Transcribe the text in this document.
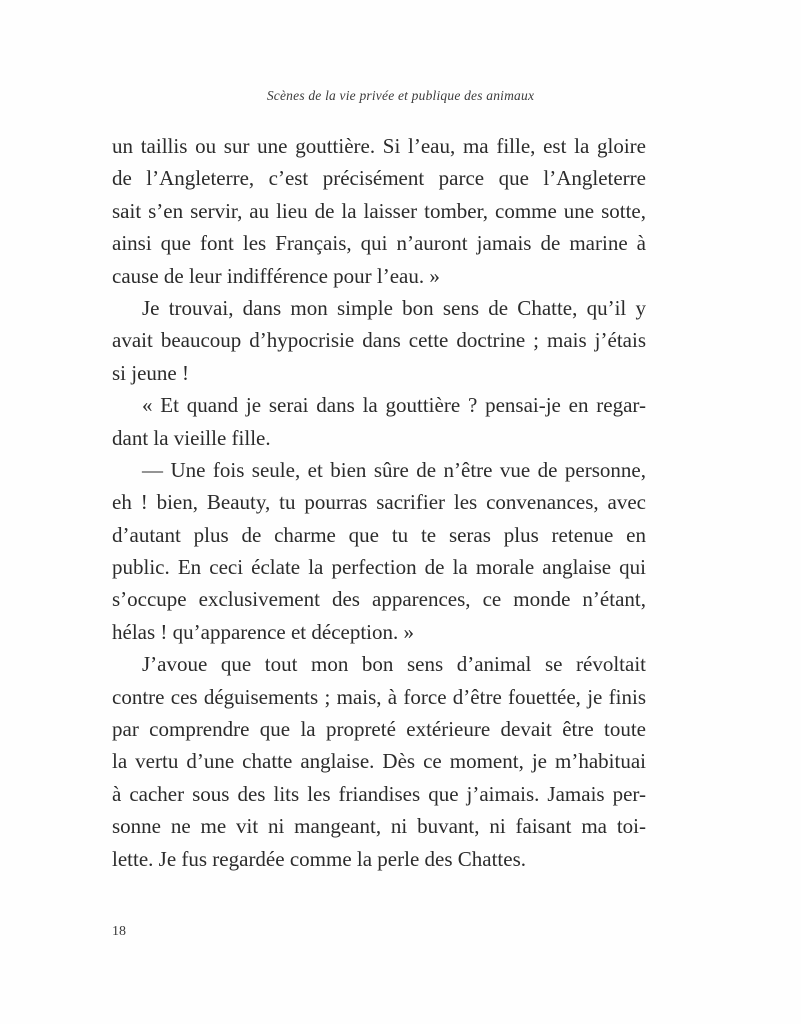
Scènes de la vie privée et publique des animaux
un taillis ou sur une gouttière. Si l’eau, ma fille, est la gloire
de l’Angleterre, c’est précisément parce que l’Angleterre
sait s’en servir, au lieu de la laisser tomber, comme une sotte,
ainsi que font les Français, qui n’auront jamais de marine à
cause de leur indifférence pour l’eau. »
Je trouvai, dans mon simple bon sens de Chatte, qu’il y
avait beaucoup d’hypocrisie dans cette doctrine ; mais j’étais
si jeune !
« Et quand je serai dans la gouttière ? pensai-je en regar-
dant la vieille fille.
— Une fois seule, et bien sûre de n’être vue de personne,
eh ! bien, Beauty, tu pourras sacrifier les convenances, avec
d’autant plus de charme que tu te seras plus retenue en
public. En ceci éclate la perfection de la morale anglaise qui
s’occupe exclusivement des apparences, ce monde n’étant,
hélas ! qu’apparence et déception. »
J’avoue que tout mon bon sens d’animal se révoltait
contre ces déguisements ; mais, à force d’être fouettée, je finis
par comprendre que la propreté extérieure devait être toute
la vertu d’une chatte anglaise. Dès ce moment, je m’habituai
à cacher sous des lits les friandises que j’aimais. Jamais per-
sonne ne me vit ni mangeant, ni buvant, ni faisant ma toi-
lette. Je fus regardée comme la perle des Chattes.
18
